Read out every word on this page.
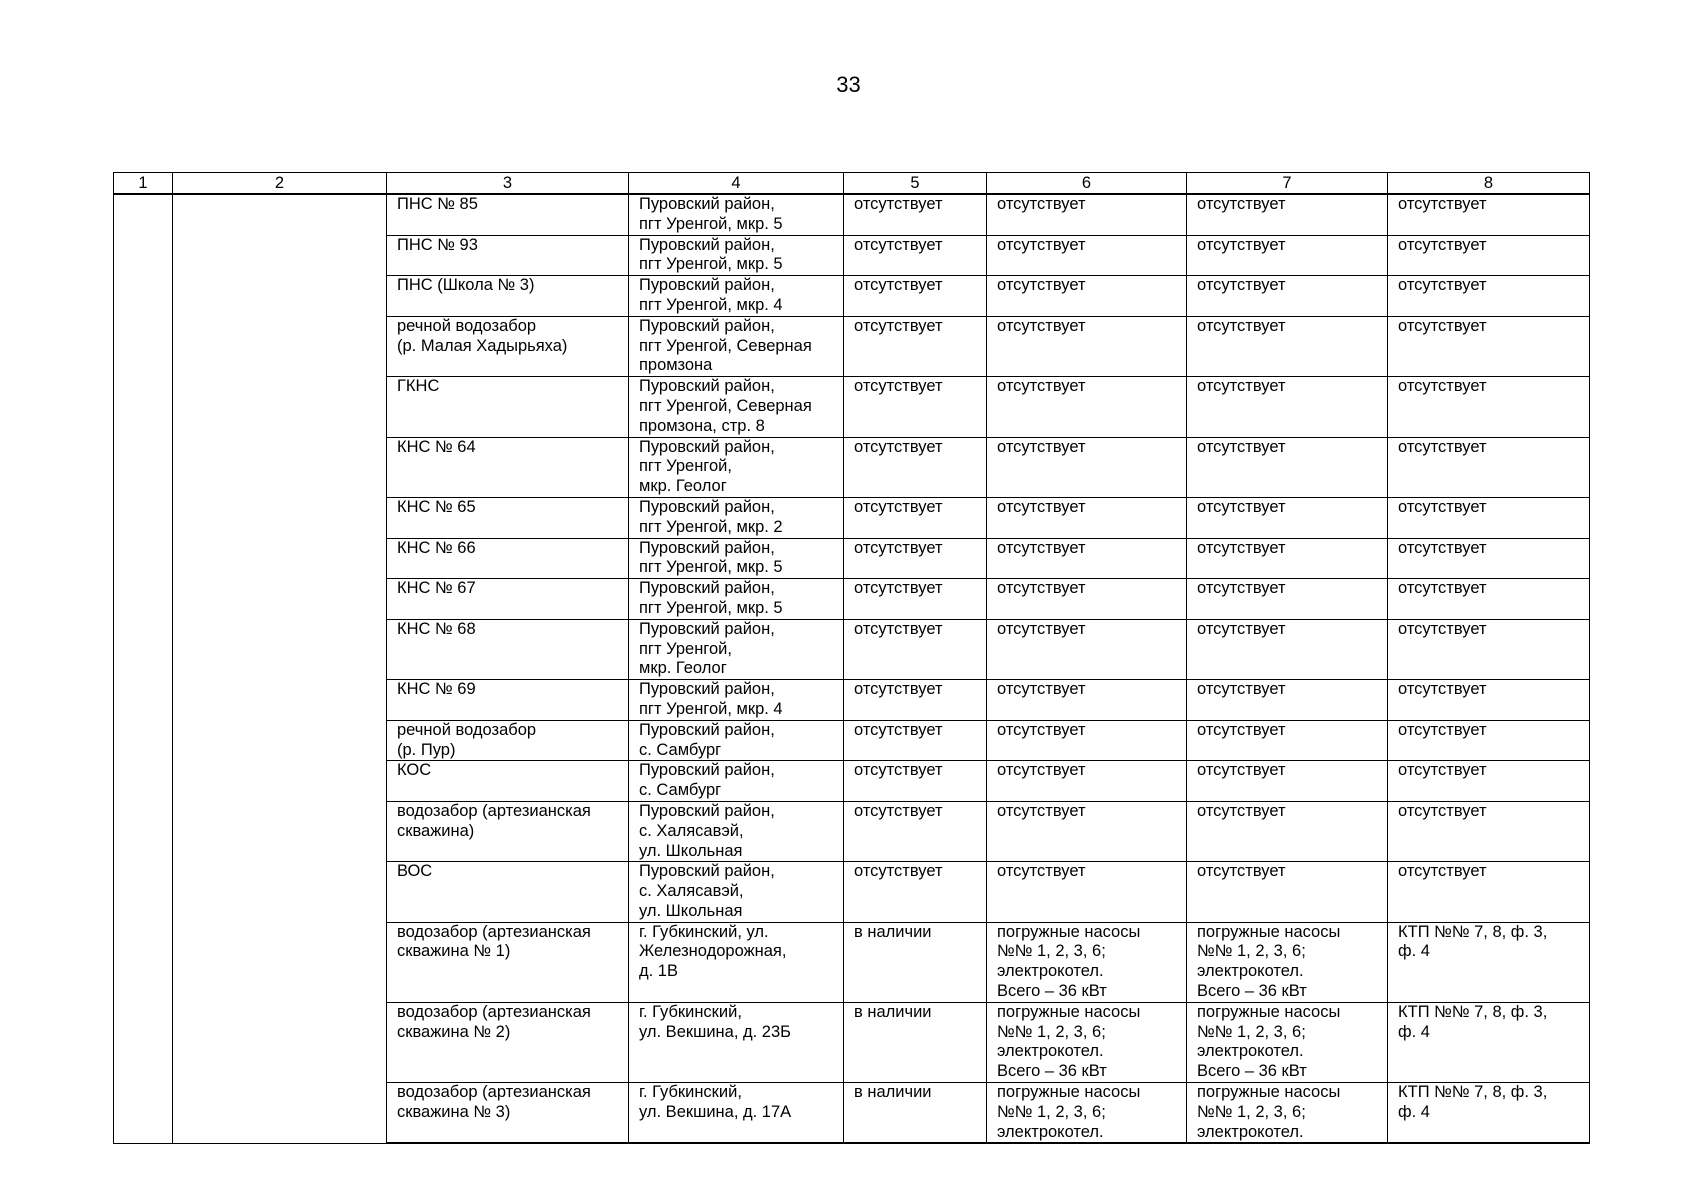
33
1	2	3	4	5	6	7	8
		ПНС № 85	Пуровский район,
пгт Уренгой, мкр. 5	отсутствует	отсутствует	отсутствует	отсутствует
		ПНС № 93	Пуровский район,
пгт Уренгой, мкр. 5	отсутствует	отсутствует	отсутствует	отсутствует
		ПНС (Школа № 3)	Пуровский район,
пгт Уренгой, мкр. 4	отсутствует	отсутствует	отсутствует	отсутствует
		речной водозабор
(р. Малая Хадырьяха)	Пуровский район,
пгт Уренгой, Северная
промзона	отсутствует	отсутствует	отсутствует	отсутствует
		ГКНС	Пуровский район,
пгт Уренгой, Северная
промзона, стр. 8	отсутствует	отсутствует	отсутствует	отсутствует
		КНС № 64	Пуровский район,
пгт Уренгой,
мкр. Геолог	отсутствует	отсутствует	отсутствует	отсутствует
		КНС № 65	Пуровский район,
пгт Уренгой, мкр. 2	отсутствует	отсутствует	отсутствует	отсутствует
		КНС № 66	Пуровский район,
пгт Уренгой, мкр. 5	отсутствует	отсутствует	отсутствует	отсутствует
		КНС № 67	Пуровский район,
пгт Уренгой, мкр. 5	отсутствует	отсутствует	отсутствует	отсутствует
		КНС № 68	Пуровский район,
пгт Уренгой,
мкр. Геолог	отсутствует	отсутствует	отсутствует	отсутствует
		КНС № 69	Пуровский район,
пгт Уренгой, мкр. 4	отсутствует	отсутствует	отсутствует	отсутствует
		речной водозабор
(р. Пур)	Пуровский район,
с. Самбург	отсутствует	отсутствует	отсутствует	отсутствует
		КОС	Пуровский район,
с. Самбург	отсутствует	отсутствует	отсутствует	отсутствует
		водозабор (артезианская
скважина)	Пуровский район,
с. Халясавэй,
ул. Школьная	отсутствует	отсутствует	отсутствует	отсутствует
		ВОС	Пуровский район,
с. Халясавэй,
ул. Школьная	отсутствует	отсутствует	отсутствует	отсутствует
		водозабор (артезианская
скважина № 1)	г. Губкинский, ул.
Железнодорожная,
д. 1В	в наличии	погружные насосы
№№ 1, 2, 3, 6;
электрокотел.
Всего – 36 кВт	погружные насосы
№№ 1, 2, 3, 6;
электрокотел.
Всего – 36 кВт	КТП №№ 7, 8, ф. 3,
ф. 4
		водозабор (артезианская
скважина № 2)	г. Губкинский,
ул. Векшина, д. 23Б	в наличии	погружные насосы
№№ 1, 2, 3, 6;
электрокотел.
Всего – 36 кВт	погружные насосы
№№ 1, 2, 3, 6;
электрокотел.
Всего – 36 кВт	КТП №№ 7, 8, ф. 3,
ф. 4
		водозабор (артезианская
скважина № 3)	г. Губкинский,
ул. Векшина, д. 17А	в наличии	погружные насосы
№№ 1, 2, 3, 6;
электрокотел.	погружные насосы
№№ 1, 2, 3, 6;
электрокотел.	КТП №№ 7, 8, ф. 3,
ф. 4
